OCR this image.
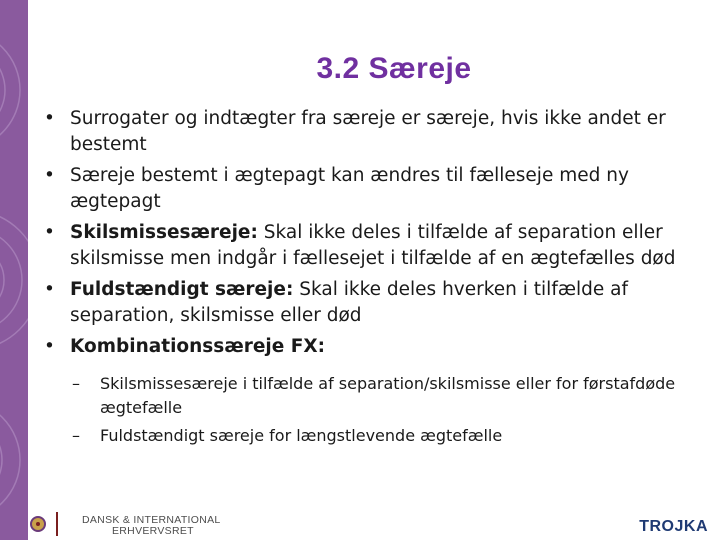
3.2 Særeje
• Surrogater og indtægter fra særeje er særeje, hvis ikke andet er bestemt
• Særeje bestemt i ægtepagt kan ændres til fælleseje med ny ægtepagt
• Skilsmissesæreje: Skal ikke deles i tilfælde af separation eller skilsmisse men indgår i fællesejet i tilfælde af en ægtefælles død
• Fuldstændigt særeje: Skal ikke deles hverken i tilfælde af separation, skilsmisse eller død
• Kombinationssæreje FX:
– Skilsmissesæreje i tilfælde af separation/skilsmisse eller for førstafdøde ægtefælle
– Fuldstændigt særeje for længstlevende ægtefælle
DANSK & INTERNATIONAL
ERHVERVSRET	TROJKA
